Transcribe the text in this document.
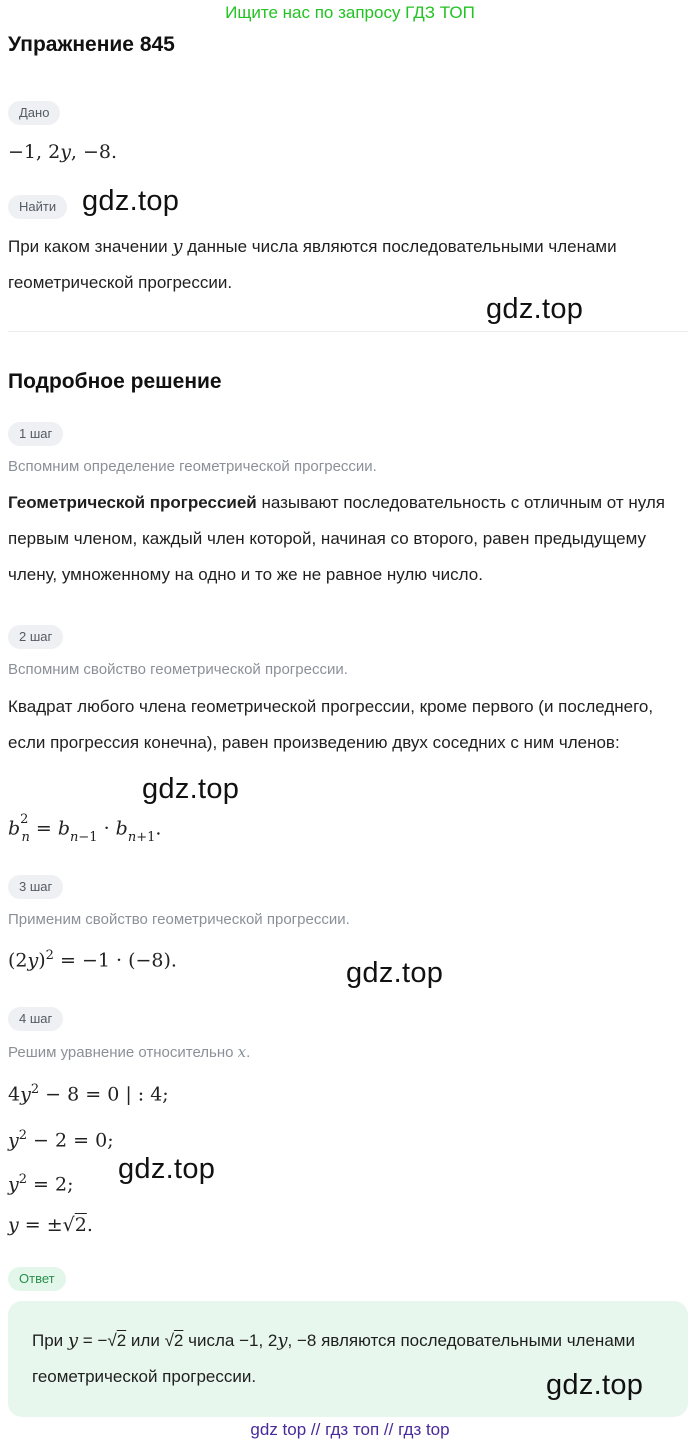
Ищите нас по запросу ГДЗ ТОП
Упражнение 845
Дано
−1, 2y, −8.
Найти gdz.top
При каком значении y данные числа являются последовательными членами геометрической прогрессии.
gdz.top
Подробное решение
1 шаг
Вспомним определение геометрической прогрессии.
Геометрической прогрессией называют последовательность с отличным от нуля первым членом, каждый член которой, начиная со второго, равен предыдущему члену, умноженному на одно и то же не равное нулю число.
2 шаг
Вспомним свойство геометрической прогрессии.
Квадрат любого члена геометрической прогрессии, кроме первого (и последнего, если прогрессия конечна), равен произведению двух соседних с ним членов:
gdz.top
$b^2_n = b_{n-1} \cdot b_{n+1}$.
3 шаг
Применим свойство геометрической прогрессии.
$(2y)^2 = -1 \cdot (-8)$.	gdz.top
4 шаг
Решим уравнение относительно x.
$4y^2 - 8 = 0$ | : 4;
$y^2 - 2 = 0$;
$y^2 = 2$; gdz.top
y = ±√2.
Ответ
При y = −√2 или √2 числа −1, 2y, −8 являются последовательными членами геометрической прогрессии.	gdz.top
gdz top // гдз топ // гдз top
